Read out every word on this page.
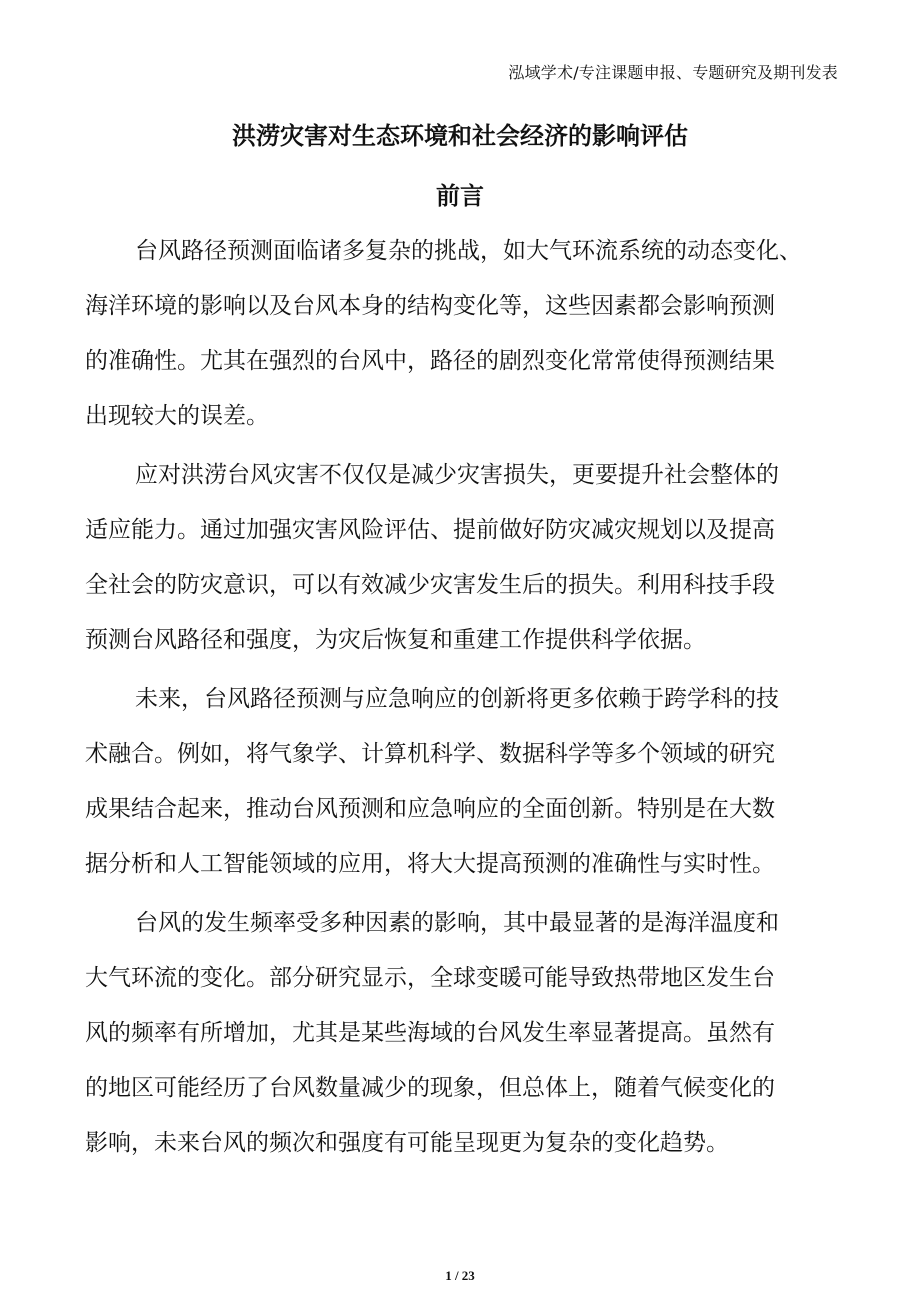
泓域学术/专注课题申报、专题研究及期刊发表
洪涝灾害对生态环境和社会经济的影响评估
前言
台风路径预测面临诸多复杂的挑战，如大气环流系统的动态变化、
海洋环境的影响以及台风本身的结构变化等，这些因素都会影响预测
的准确性。尤其在强烈的台风中，路径的剧烈变化常常使得预测结果
出现较大的误差。
应对洪涝台风灾害不仅仅是减少灾害损失，更要提升社会整体的
适应能力。通过加强灾害风险评估、提前做好防灾减灾规划以及提高
全社会的防灾意识，可以有效减少灾害发生后的损失。利用科技手段
预测台风路径和强度，为灾后恢复和重建工作提供科学依据。
未来，台风路径预测与应急响应的创新将更多依赖于跨学科的技
术融合。例如，将气象学、计算机科学、数据科学等多个领域的研究
成果结合起来，推动台风预测和应急响应的全面创新。特别是在大数
据分析和人工智能领域的应用，将大大提高预测的准确性与实时性。
台风的发生频率受多种因素的影响，其中最显著的是海洋温度和
大气环流的变化。部分研究显示，全球变暖可能导致热带地区发生台
风的频率有所增加，尤其是某些海域的台风发生率显著提高。虽然有
的地区可能经历了台风数量减少的现象，但总体上，随着气候变化的
影响，未来台风的频次和强度有可能呈现更为复杂的变化趋势。
1 / 23
